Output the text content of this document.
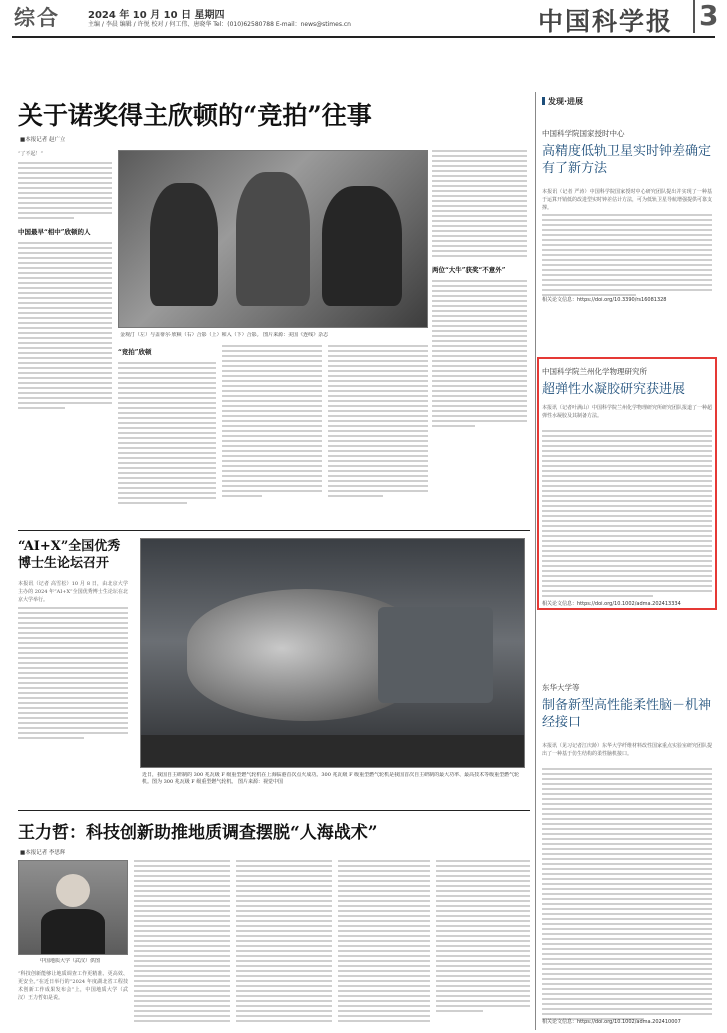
综合	2024 年 10 月 10 日 星期四
主编 / 李晨 编辑 / 许悦 校对 / 何工伟、唐晓华 Tel：(010)62580788 E-mail：news@stimes.cn	中国科学报 3
关于诺奖得主欣顿的“竞拍”往事
■本报记者 赵广立
“了不起！”
中国最早“相中”欣顿的人
金观汀（左）与盖蒂尔·欣顿（右）合影（上）和入（下）合影。 图片来源：美国《连线》杂志
“竞拍”欣顿
两位“大牛”获奖“不意外”
“AI+X”全国优秀博士生论坛召开
本报讯（记者 高雪松）10 月 8 日，由北京大学主办的 2024 年“AI+X”全国优秀博士生论坛在北京大学举行。
近日，我国自主研制的 300 兆瓦级 F 级重型燃气轮机在上海临港首次点火成功。300 兆瓦级 F 级重型燃气轮机是我国首次自主研制的最大功率、最高技术等级重型燃气轮机。图为 300 兆瓦级 F 级重型燃气轮机。 图片来源：视觉中国
王力哲：科技创新助推地质调查摆脱“人海战术”
■本报记者 李思辉
中国地质大学（武汉）供图
“科技创新能够让地质调查工作更精准、更高效、更安全。”在近日举行的“2024 年度湖北省工程技术创新工作成果发布会”上，中国地质大学（武汉）王力哲如是说。
发现·进展
中国科学院国家授时中心
高精度低轨卫星实时钟差确定有了新方法
本报讯（记者 严涛）中国科学院国家授时中心研究团队提出并实现了一种基于运算开销低的改进型实时钟差估计方法，可为低轨卫星导航增强提供可靠支撑。
相关论文信息：https://doi.org/10.3390/rs16081328
中国科学院兰州化学物理研究所
超弹性水凝胶研究获进展
本报讯（记者叶满山）中国科学院兰州化学物理研究所研究团队报道了一种超弹性水凝胶及其制备方法。
相关论文信息：https://doi.org/10.1002/adma.202413334
东华大学等
制备新型高性能柔性脑－机神经接口
本报讯（见习记者江庆龄）东华大学纤维材料改性国家重点实验室研究团队提出了一种基于仿生结构的柔性脑机接口。
相关论文信息：https://doi.org/10.1002/adma.202410007
